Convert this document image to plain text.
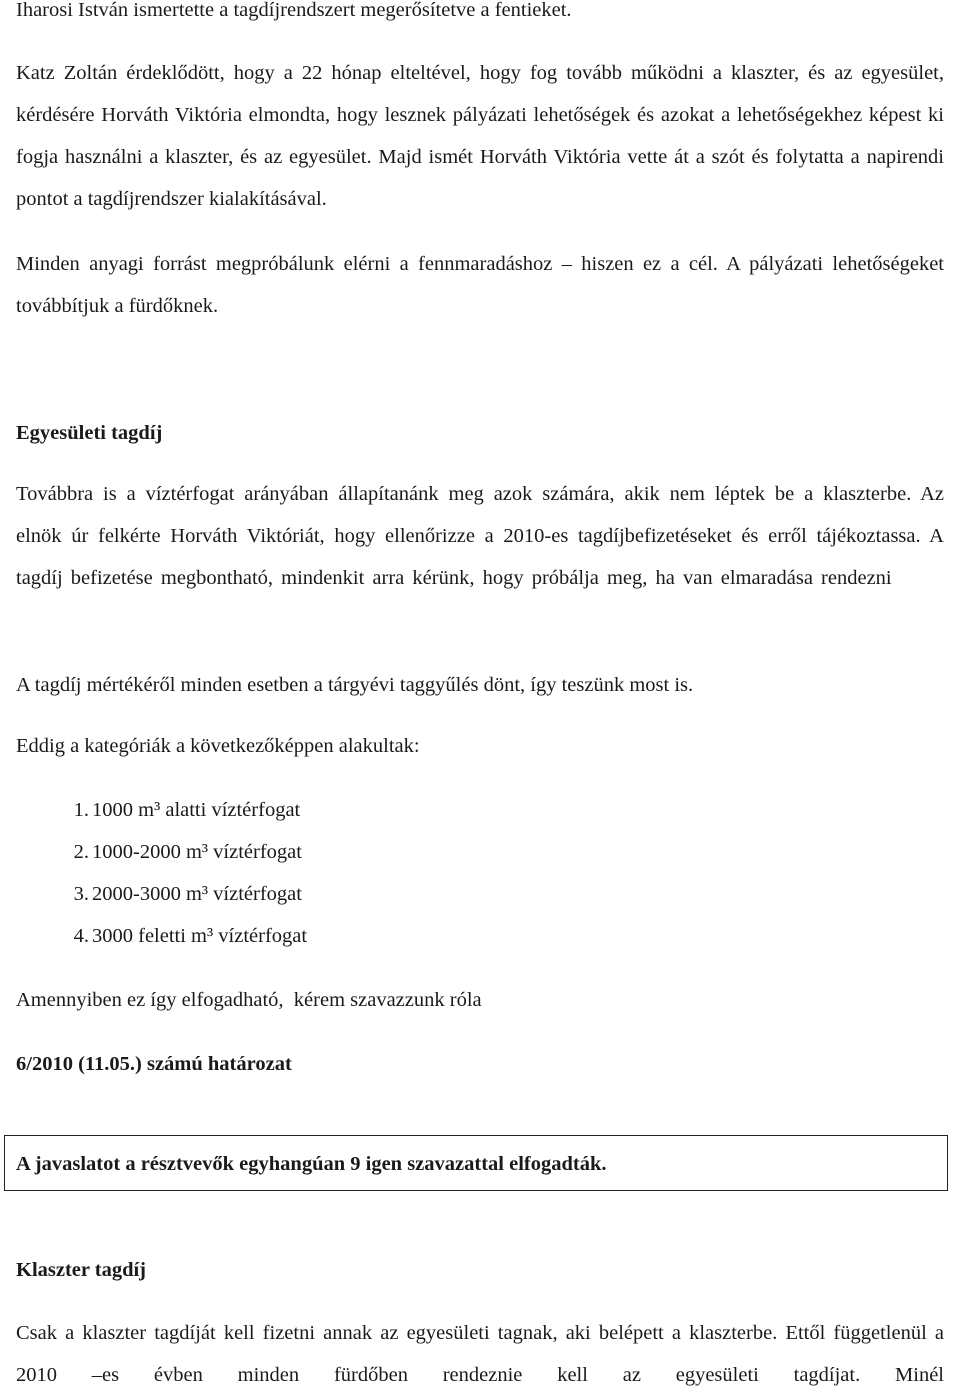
Iharosi István ismertette a tagdíjrendszert megerősítetve a fentieket.

Katz Zoltán érdeklődött, hogy a 22 hónap elteltével, hogy fog tovább működni a klaszter, és az egyesület, kérdésére Horváth Viktória elmondta, hogy lesznek pályázati lehetőségek és azokat a lehetőségekhez képest ki fogja használni a klaszter, és az egyesület. Majd ismét Horváth Viktória vette át a szót és folytatta a napirendi pontot a tagdíjrendszer kialakításával.

Minden anyagi forrást megpróbálunk elérni a fennmaradáshoz – hiszen ez a cél. A pályázati lehetőségeket továbbítjuk a fürdőknek.

Egyesületi tagdíj

Továbbra is a víztérfogat arányában állapítanánk meg azok számára, akik nem léptek be a klaszterbe. Az elnök úr felkérte Horváth Viktóriát, hogy ellenőrizze a 2010-es tagdíjbefizetéseket és erről tájékoztassa. A tagdíj befizetése megbontható, mindenkit arra kérünk, hogy próbálja meg, ha van elmaradása rendezni

A tagdíj mértékéről minden esetben a tárgyévi taggyűlés dönt, így teszünk most is.

Eddig a kategóriák a következőképpen alakultak:

1. 1000 m³ alatti víztérfogat
2. 1000-2000 m³ víztérfogat
3. 2000-3000 m³ víztérfogat
4. 3000 feletti m³ víztérfogat

Amennyiben ez így elfogadható,  kérem szavazzunk róla

6/2010 (11.05.) számú határozat

A javaslatot a résztvevők egyhangúan 9 igen szavazattal elfogadták.

Klaszter tagdíj

Csak a klaszter tagdíját kell fizetni annak az egyesületi tagnak, aki belépett a klaszterbe. Ettől függetlenül a 2010 –es évben minden fürdőben rendeznie kell az egyesületi tagdíjat. Minél
